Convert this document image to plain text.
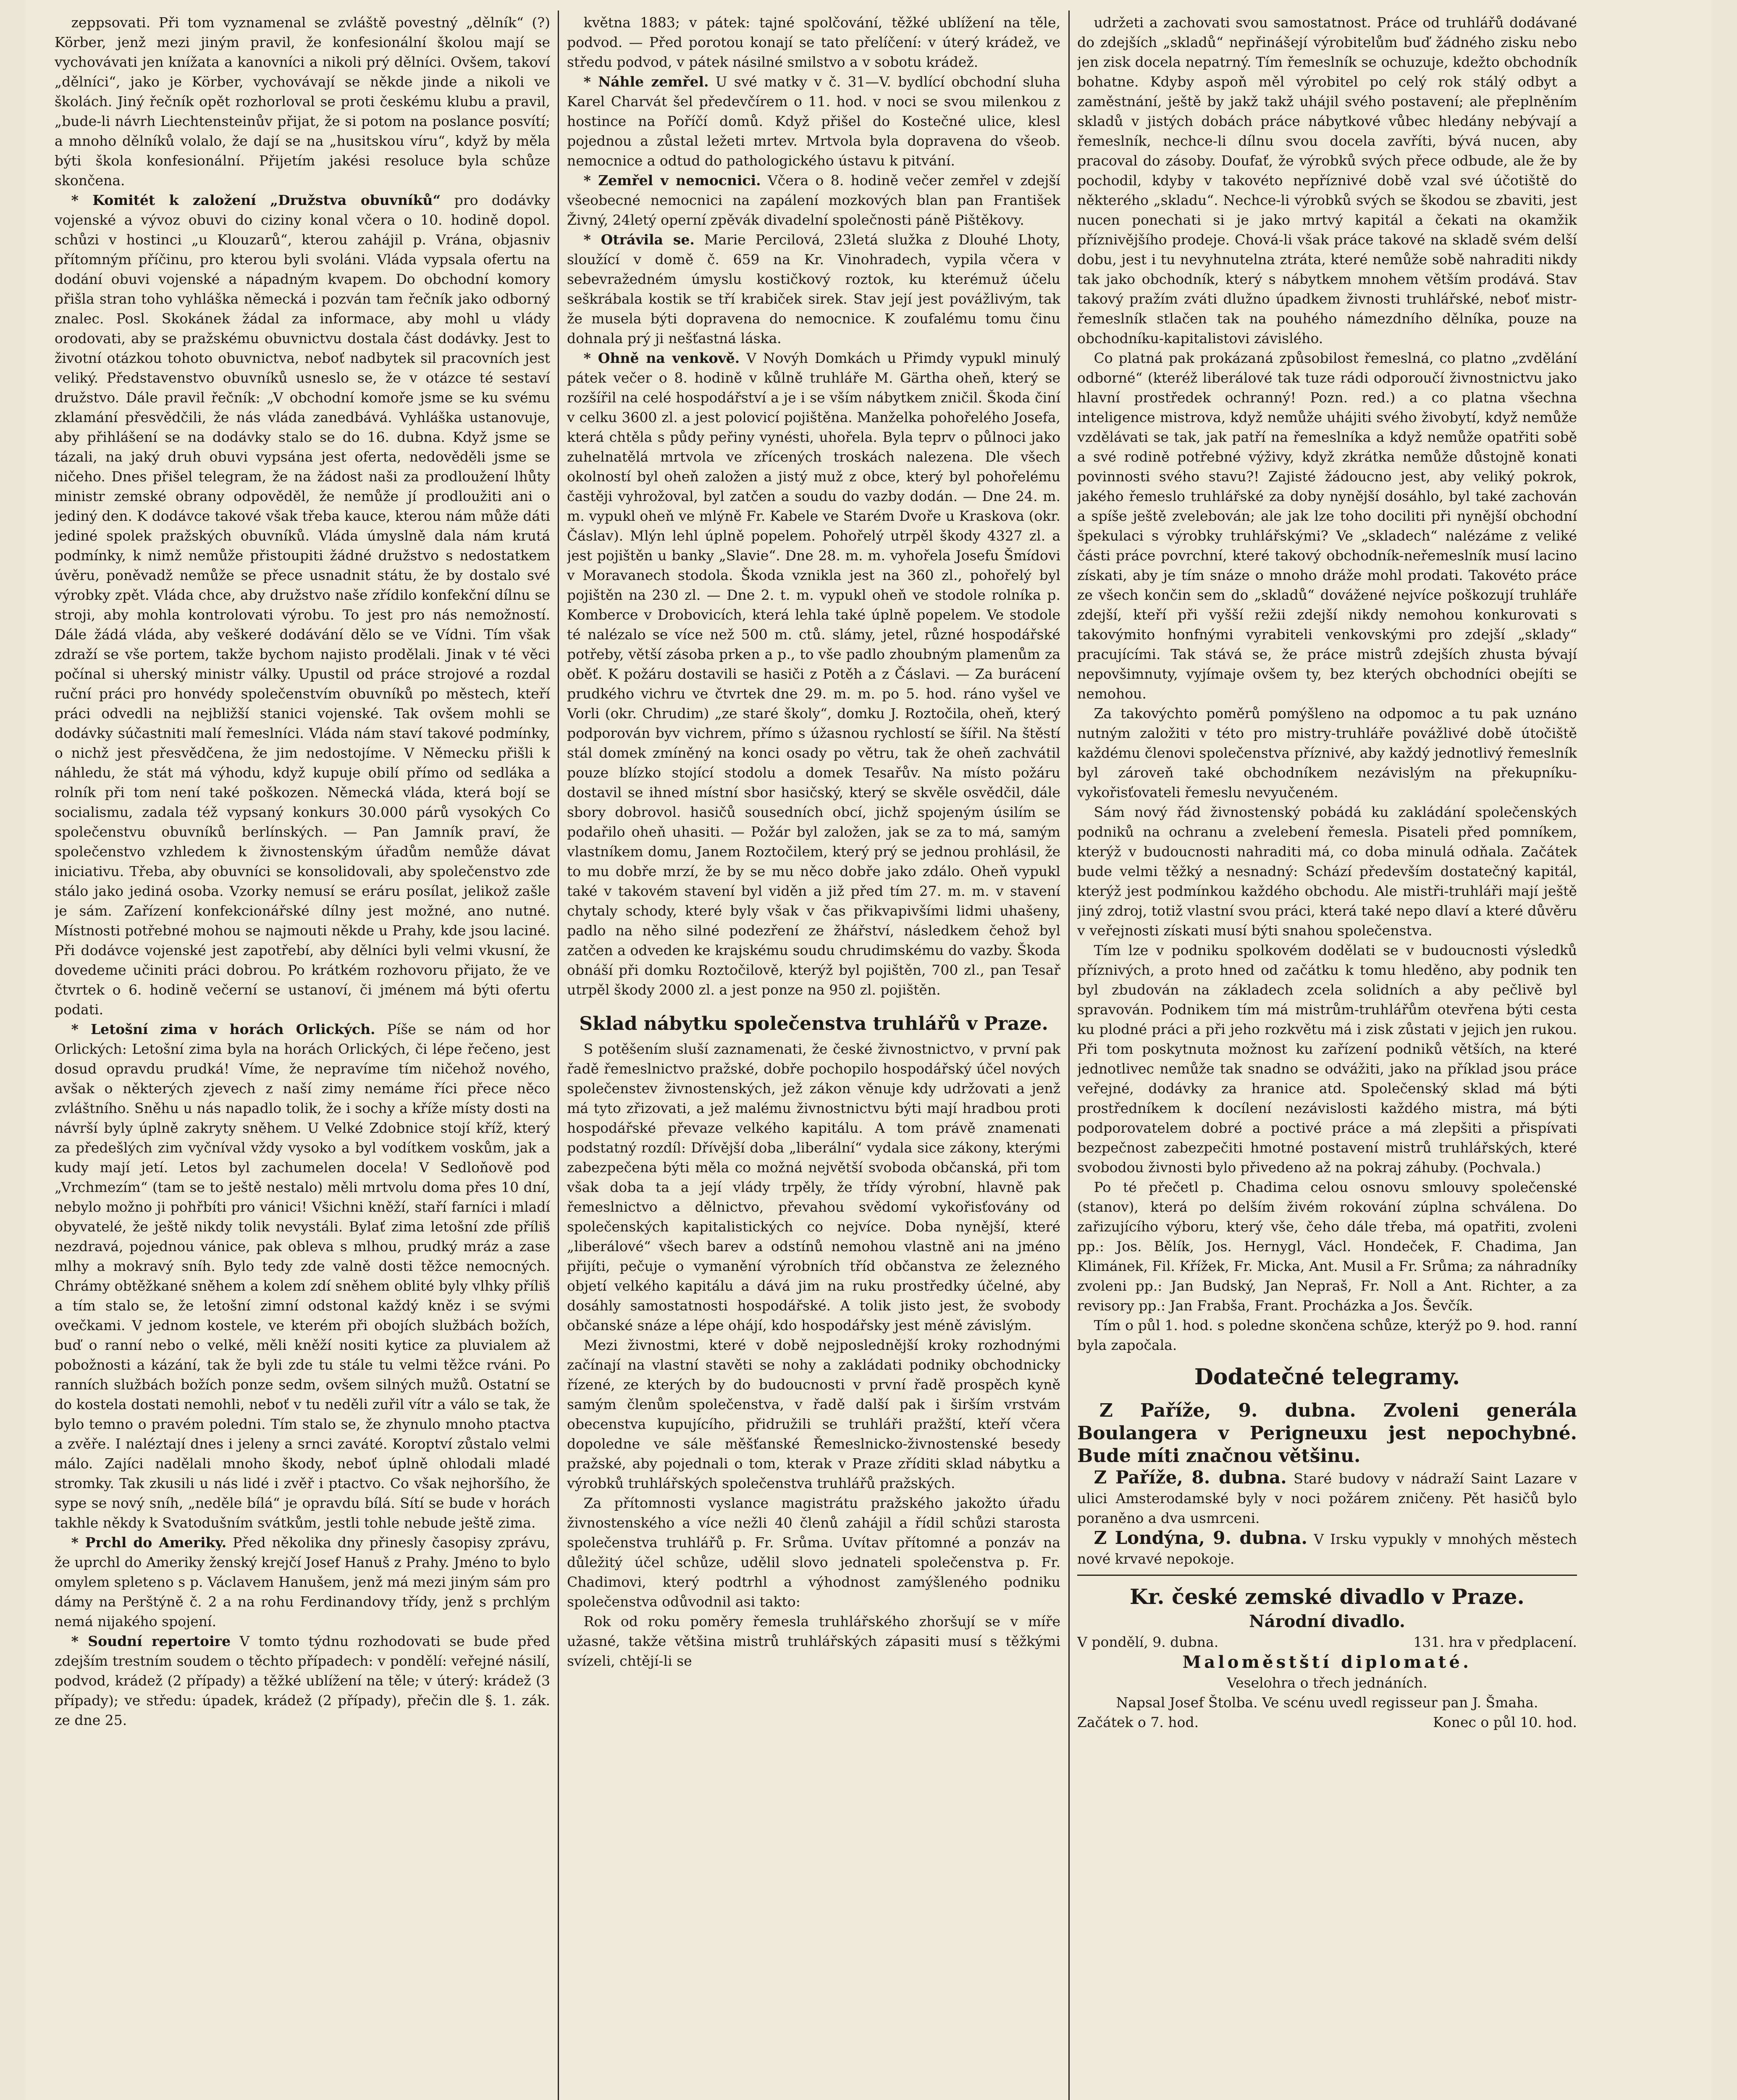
zeppsovati. Při tom vyznamenal se zvláště povestný „dělník“ (?) Körber, jenž mezi jiným pravil, že konfesionální školou mají se vychovávati jen knížata a kanovníci a nikoli prý dělníci. Ovšem, takoví „dělníci“, jako je Körber, vychovávají se někde jinde a nikoli ve školách. Jiný řečník opět rozhorloval se proti českému klubu a pravil, „bude-li návrh Liechtensteinův přijat, že si potom na poslance posvítí; a mnoho dělníků volalo, že dají se na „husitskou víru“, když by měla býti škola konfesionální. Přijetím jakési resoluce byla schůze skončena.

* Komitét k založení „Družstva obuvníků“ pro dodávky vojenské a vývoz obuvi do ciziny konal včera o 10. hodině dopol. schůzi v hostinci „u Klouzarů“, kterou zahájil p. Vrána, objasniv přítomným příčinu, pro kterou byli svoláni. Vláda vypsala ofertu na dodání obuvi vojenské a nápadným kvapem. Do obchodní komory přišla stran toho vyhláška německá i pozván tam řečník jako odborný znalec. Posl. Skokánek žádal za informace, aby mohl u vlády orodovati, aby se pražskému obuvnictvu dostala část dodávky. Jest to životní otázkou tohoto obuvnictva, neboť nadbytek sil pracovních jest veliký. Představenstvo obuvníků usneslo se, že v otázce té sestaví družstvo. Dále pravil řečník: „V obchodní komoře jsme se ku svému zklamání přesvědčili, že nás vláda zanedbává. Vyhláška ustanovuje, aby přihlášení se na dodávky stalo se do 16. dubna. Když jsme se tázali, na jaký druh obuvi vypsána jest oferta, nedověděli jsme se ničeho. Dnes přišel telegram, že na žádost naši za prodloužení lhůty ministr zemské obrany odpověděl, že nemůže jí prodloužiti ani o jediný den. K dodávce takové však třeba kauce, kterou nám může dáti jediné spolek pražských obuvníků. Vláda úmyslně dala nám krutá podmínky, k nimž nemůže přistoupiti žádné družstvo s nedostatkem úvěru, poněvadž nemůže se přece usnadnit státu, že by dostalo své výrobky zpět. Vláda chce, aby družstvo naše zřídilo konfekční dílnu se stroji, aby mohla kontrolovati výrobu. To jest pro nás nemožností. Dále žádá vláda, aby veškeré dodávání dělo se ve Vídni. Tím však zdraží se vše portem, takže bychom najisto prodělali. Jinak v té věci počínal si uherský ministr války. Upustil od práce strojové a rozdal ruční práci pro honvédy společenstvím obuvníků po městech, kteří práci odvedli na nejbližší stanici vojenské. Tak ovšem mohli se dodávky súčastniti malí řemeslníci. Vláda nám staví takové podmínky, o nichž jest přesvědčena, že jim nedostojíme. V Německu přišli k náhledu, že stát má výhodu, když kupuje obilí přímo od sedláka a rolník při tom není také poškozen. Německá vláda, která bojí se socialismu, zadala též vypsaný konkurs 30.000 párů vysokých Co společenstvu obuvníků berlínských. — Pan Jamník praví, že společenstvo vzhledem k živnostenským úřadům nemůže dávat iniciativu. Třeba, aby obuvníci se konsolidovali, aby společenstvo zde stálo jako jediná osoba. Vzorky nemusí se eráru posílat, jelikož zašle je sám. Zařízení konfekcionářské dílny jest možné, ano nutné. Místnosti potřebné mohou se najmouti někde u Prahy, kde jsou laciné. Při dodávce vojenské jest zapotřebí, aby dělníci byli velmi vkusní, že dovedeme učiniti práci dobrou. Po krátkém rozhovoru přijato, že ve čtvrtek o 6. hodině večerní se ustanoví, či jménem má býti ofertu podati.

* Letošní zima v horách Orlických. Píše se nám od hor Orlických: Letošní zima byla na horách Orlických, či lépe řečeno, jest dosud opravdu prudká! Víme, že nepravíme tím ničehož nového, avšak o některých zjevech z naší zimy nemáme říci přece něco zvláštního. Sněhu u nás napadlo tolik, že i sochy a kříže místy dosti na návrší byly úplně zakryty sněhem. U Velké Zdobnice stojí kříž, který za předešlých zim vyčníval vždy vysoko a byl vodítkem voskům, jak a kudy mají jetí. Letos byl zachumelen docela! V Sedloňově pod „Vrchmezím“ (tam se to ještě nestalo) měli mrtvolu doma přes 10 dní, nebylo možno ji pohřbíti pro vánici! Všichni kněží, staří farníci i mladí obyvatelé, že ještě nikdy tolik nevystáli. Bylať zima letošní zde příliš nezdravá, pojednou vánice, pak obleva s mlhou, prudký mráz a zase mlhy a mokravý sníh. Bylo tedy zde valně dosti těžce nemocných. Chrámy obtěžkané sněhem a kolem zdí sněhem oblité byly vlhky příliš a tím stalo se, že letošní zimní odstonal každý kněz i se svými ovečkami. V jednom kostele, ve kterém při obojích službách božích, buď o ranní nebo o velké, měli kněží nositi kytice za pluvialem až pobožnosti a kázání, tak že byli zde tu stále tu velmi těžce rváni. Po ranních službách božích ponze sedm, ovšem silných mužů. Ostatní se do kostela dostati nemohli, neboť v tu neděli zuřil vítr a válo se tak, že bylo temno o pravém poledni. Tím stalo se, že zhynulo mnoho ptactva a zvěře. I naléztají dnes i jeleny a srnci zaváté. Koroptví zůstalo velmi málo. Zajíci nadělali mnoho škody, neboť úplně ohlodali mladé stromky. Tak zkusili u nás lidé i zvěř i ptactvo. Co však nejhoršího, že sype se nový sníh, „neděle bílá“ je opravdu bílá. Sítí se bude v horách takhle někdy k Svatodušním svátkům, jestli tohle nebude ještě zima.

* Prchl do Ameriky. Před několika dny přinesly časopisy zprávu, že uprchl do Ameriky ženský krejčí Josef Hanuš z Prahy. Jméno to bylo omylem spleteno s p. Václavem Hanušem, jenž má mezi jiným sám pro dámy na Perštýně č. 2 a na rohu Ferdinandovy třídy, jenž s prchlým nemá nijakého spojení.

* Soudní repertoire V tomto týdnu rozhodovati se bude před zdejším trestním soudem o těchto případech: v pondělí: veřejné násilí, podvod, krádež (2 případy) a těžké ublížení na těle; v úterý: krádež (3 případy); ve středu: úpadek, krádež (2 případy), přečin dle §. 1. zák. ze dne 25.

května 1883; v pátek: tajné spolčování, těžké ublížení na těle, podvod. — Před porotou konají se tato přelíčení: v úterý krádež, ve středu podvod, v pátek násilné smilstvo a v sobotu krádež.

* Náhle zemřel. U své matky v č. 31—V. bydlící obchodní sluha Karel Charvát šel předevčírem o 11. hod. v noci se svou milenkou z hostince na Poříčí domů. Když přišel do Kostečné ulice, klesl pojednou a zůstal ležeti mrtev. Mrtvola byla dopravena do všeob. nemocnice a odtud do pathologického ústavu k pitvání.

* Zemřel v nemocnici. Včera o 8. hodině večer zemřel v zdejší všeobecné nemocnici na zapálení mozkových blan pan František Živný, 24letý operní zpěvák divadelní společnosti páně Pištěkovy.

* Otrávila se. Marie Percilová, 23letá služka z Dlouhé Lhoty, sloužící v domě č. 659 na Kr. Vinohradech, vypila včera v sebevražedném úmyslu kostičkový roztok, ku kterémuž účelu seškrábala kostik se tří krabiček sirek. Stav její jest povážlivým, tak že musela býti dopravena do nemocnice. K zoufalému tomu činu dohnala prý ji nešťastná láska.

* Ohně na venkově. V Novýh Domkách u Přimdy vypukl minulý pátek večer o 8. hodině v kůlně truhláře M. Gärtha oheň, který se rozšířil na celé hospodářství a je i se vším nábytkem zničil. Škoda činí v celku 3600 zl. a jest polovicí pojištěna. Manželka pohořelého Josefa, která chtěla s půdy peřiny vynésti, uhořela. Byla teprv o půlnoci jako zuhelnatělá mrtvola ve zřícených troskách nalezena. Dle všech okolností byl oheň založen a jistý muž z obce, který byl pohořelému častěji vyhrožoval, byl zatčen a soudu do vazby dodán. — Dne 24. m. m. vypukl oheň ve mlýně Fr. Kabele ve Starém Dvoře u Kraskova (okr. Čáslav). Mlýn lehl úplně popelem. Pohořelý utrpěl škody 4327 zl. a jest pojištěn u banky „Slavie“. Dne 28. m. m. vyhořela Josefu Šmídovi v Moravanech stodola. Škoda vznikla jest na 360 zl., pohořelý byl pojištěn na 230 zl. — Dne 2. t. m. vypukl oheň ve stodole rolníka p. Komberce v Drobovicích, která lehla také úplně popelem. Ve stodole té nalézalo se více než 500 m. ctů. slámy, jetel, různé hospodářské potřeby, větší zásoba prken a p., to vše padlo zhoubným plamenům za oběť. K požáru dostavili se hasiči z Potěh a z Čáslavi. — Za burácení prudkého vichru ve čtvrtek dne 29. m. m. po 5. hod. ráno vyšel ve Vorli (okr. Chrudim) „ze staré školy“, domku J. Roztočila, oheň, který podporován byv vichrem, přímo s úžasnou rychlostí se šířil. Na štěstí stál domek zmíněný na konci osady po větru, tak že oheň zachvátil pouze blízko stojící stodolu a domek Tesařův. Na místo požáru dostavil se ihned místní sbor hasičský, který se skvěle osvědčil, dále sbory dobrovol. hasičů sousedních obcí, jichž spojeným úsilím se podařilo oheň uhasiti. — Požár byl založen, jak se za to má, samým vlastníkem domu, Janem Roztočilem, který prý se jednou prohlásil, že to mu dobře mrzí, že by se mu něco dobře jako zdálo. Oheň vypukl také v takovém stavení byl viděn a již před tím 27. m. m. v stavení chytaly schody, které byly však v čas přikvapivšími lidmi uhašeny, padlo na něho silné podezření ze žhářství, následkem čehož byl zatčen a odveden ke krajskému soudu chrudimskému do vazby. Škoda obnáší při domku Roztočilově, kterýž byl pojištěn, 700 zl., pan Tesař utrpěl škody 2000 zl. a jest ponze na 950 zl. pojištěn.

Sklad nábytku společenstva truhlářů v Praze.

S potěšením sluší zaznamenati, že české živnostnictvo, v první pak řadě řemeslnictvo pražské, dobře pochopilo hospodářský účel nových společenstev živnostenských, jež zákon věnuje kdy udržovati a jenž má tyto zřizovati, a jež malému živnostnictvu býti mají hradbou proti hospodářské převaze velkého kapitálu. A tom právě znamenati podstatný rozdíl: Dřívější doba „liberální“ vydala sice zákony, kterými zabezpečena býti měla co možná největší svoboda občanská, při tom však doba ta a její vlády trpěly, že třídy výrobní, hlavně pak řemeslnictvo a dělnictvo, převahou svědomí vykořisťovány od společenských kapitalistických co nejvíce. Doba nynější, které „liberálové“ všech barev a odstínů nemohou vlastně ani na jméno přijíti, pečuje o vymanění výrobních tříd občanstva ze železného objetí velkého kapitálu a dává jim na ruku prostředky účelné, aby dosáhly samostatnosti hospodářské. A tolik jisto jest, že svobody občanské snáze a lépe ohájí, kdo hospodářsky jest méně závislým.

Mezi živnostmi, které v době nejposlednější kroky rozhodnými začínají na vlastní stavěti se nohy a zakládati podniky obchodnicky řízené, ze kterých by do budoucnosti v první řadě prospěch kyně samým členům společenstva, v řadě další pak i širším vrstvám obecenstva kupujícího, přidružili se truhláři pražští, kteří včera dopoledne ve sále měšťanské Řemeslnicko-živnostenské besedy pražské, aby pojednali o tom, kterak v Praze zříditi sklad nábytku a výrobků truhlářských společenstva truhlářů pražských.

Za přítomnosti vyslance magistrátu pražského jakožto úřadu živnostenského a více nežli 40 členů zahájil a řídil schůzi starosta společenstva truhlářů p. Fr. Srůma. Uvítav přítomné a ponzáv na důležitý účel schůze, udělil slovo jednateli společenstva p. Fr. Chadimovi, který podtrhl a výhodnost zamýšleného podniku společenstva odůvodnil asi takto:

Rok od roku poměry řemesla truhlářského zhoršují se v míře užasné, takže většina mistrů truhlářských zápasiti musí s těžkými svízeli, chtějí-li se

udržeti a zachovati svou samostatnost. Práce od truhlářů dodávané do zdejších „skladů“ nepřinášejí výrobitelům buď žádného zisku nebo jen zisk docela nepatrný. Tím řemeslník se ochuzuje, kdežto obchodník bohatne. Kdyby aspoň měl výrobitel po celý rok stálý odbyt a zaměstnání, ještě by jakž takž uhájil svého postavení; ale přeplněním skladů v jistých dobách práce nábytkové vůbec hledány nebývají a řemeslník, nechce-li dílnu svou docela zavříti, bývá nucen, aby pracoval do zásoby. Doufať, že výrobků svých přece odbude, ale že by pochodil, kdyby v takovéto nepříznivé době vzal své účotiště do některého „skladu“. Nechce-li výrobků svých se škodou se zbaviti, jest nucen ponechati si je jako mrtvý kapitál a čekati na okamžik příznivějšího prodeje. Chová-li však práce takové na skladě svém delší dobu, jest i tu nevyhnutelna ztráta, které nemůže sobě nahraditi nikdy tak jako obchodník, který s nábytkem mnohem větším prodává. Stav takový pražím zváti dlužno úpadkem živnosti truhlářské, neboť mistr-řemeslník stlačen tak na pouhého námezdního dělníka, pouze na obchodníku-kapitalistovi závislého.

Co platná pak prokázaná způsobilost řemeslná, co platno „zvdělání odborné“ (kteréž liberálové tak tuze rádi odporoučí živnostnictvu jako hlavní prostředek ochranný! Pozn. red.) a co platna všechna inteligence mistrova, když nemůže uhájiti svého živobytí, když nemůže vzdělávati se tak, jak patří na řemeslníka a když nemůže opatřiti sobě a své rodině potřebné výživy, když zkrátka nemůže důstojně konati povinnosti svého stavu?! Zajisté žádoucno jest, aby veliký pokrok, jakého řemeslo truhlářské za doby nynější dosáhlo, byl také zachován a spíše ještě zvelebován; ale jak lze toho dociliti při nynější obchodní špekulaci s výrobky truhlářskými? Ve „skladech“ nalézáme z veliké části práce povrchní, které takový obchodník-neřemeslník musí lacino získati, aby je tím snáze o mnoho dráže mohl prodati. Takovéto práce ze všech končin sem do „skladů“ dovážené nejvíce poškozují truhláře zdejší, kteří při vyšší režii zdejší nikdy nemohou konkurovati s takovýmito honfnými vyrabiteli venkovskými pro zdejší „sklady“ pracujícími. Tak stává se, že práce mistrů zdejších zhusta bývají nepovšimnuty, vyjímaje ovšem ty, bez kterých obchodníci obejíti se nemohou.

Za takovýchto poměrů pomýšleno na odpomoc a tu pak uznáno nutným založiti v této pro mistry-truhláře povážlivé době útočiště každému členovi společenstva příznivé, aby každý jednotlivý řemeslník byl zároveň také obchodníkem nezávislým na překupníku-vykořisťovateli řemeslu nevyučeném.

Sám nový řád živnostenský pobádá ku zakládání společenských podniků na ochranu a zvelebení řemesla. Pisateli před pomníkem, kterýž v budoucnosti nahraditi má, co doba minulá odňala. Začátek bude velmi těžký a nesnadný: Schází především dostatečný kapitál, kterýž jest podmínkou každého obchodu. Ale mistři-truhláři mají ještě jiný zdroj, totiž vlastní svou práci, která také nepo dlaví a které důvěru v veřejnosti získati musí býti snahou společenstva.

Tím lze v podniku spolkovém dodělati se v budoucnosti výsledků příznivých, a proto hned od začátku k tomu hleděno, aby podnik ten byl zbudován na základech zcela solidních a aby pečlivě byl spravován. Podnikem tím má mistrům-truhlářům otevřena býti cesta ku plodné práci a při jeho rozkvětu má i zisk zůstati v jejich jen rukou. Při tom poskytnuta možnost ku zařízení podniků větších, na které jednotlivec nemůže tak snadno se odvážiti, jako na příklad jsou práce veřejné, dodávky za hranice atd. Společenský sklad má býti prostředníkem k docílení nezávislosti každého mistra, má býti podporovatelem dobré a poctivé práce a má zlepšiti a přispívati bezpečnost zabezpečiti hmotné postavení mistrů truhlářských, které svobodou živnosti bylo přivedeno až na pokraj záhuby. (Pochvala.)

Po té přečetl p. Chadima celou osnovu smlouvy společenské (stanov), která po delším živém rokování zúplna schválena. Do zařizujícího výboru, který vše, čeho dále třeba, má opatřiti, zvoleni pp.: Jos. Bělík, Jos. Hernygl, Václ. Hondeček, F. Chadima, Jan Klimánek, Fil. Křížek, Fr. Micka, Ant. Musil a Fr. Srůma; za náhradníky zvoleni pp.: Jan Budský, Jan Nepraš, Fr. Noll a Ant. Richter, a za revisory pp.: Jan Frabša, Frant. Procházka a Jos. Ševčík.

Tím o půl 1. hod. s poledne skončena schůze, kterýž po 9. hod. ranní byla započala.

Dodatečné telegramy.

Z Paříže, 9. dubna. Zvoleni generála Boulangera v Perigneuxu jest nepochybné. Bude míti značnou většinu.

Z Paříže, 8. dubna. Staré budovy v nádraží Saint Lazare v ulici Amsterodamské byly v noci požárem zničeny. Pět hasičů bylo poraněno a dva usmrceni.

Z Londýna, 9. dubna. V Irsku vypukly v mnohých městech nové krvavé nepokoje.

Kr. české zemské divadlo v Praze.

Národní divadlo.

V pondělí, 9. dubna.	131. hra v předplacení.

Maloměstští diplomaté.

Veselohra o třech jednáních.

Napsal Josef Štolba. Ve scénu uvedl regisseur pan J. Šmaha.

Začátek o 7. hod.	Konec o půl 10. hod.
